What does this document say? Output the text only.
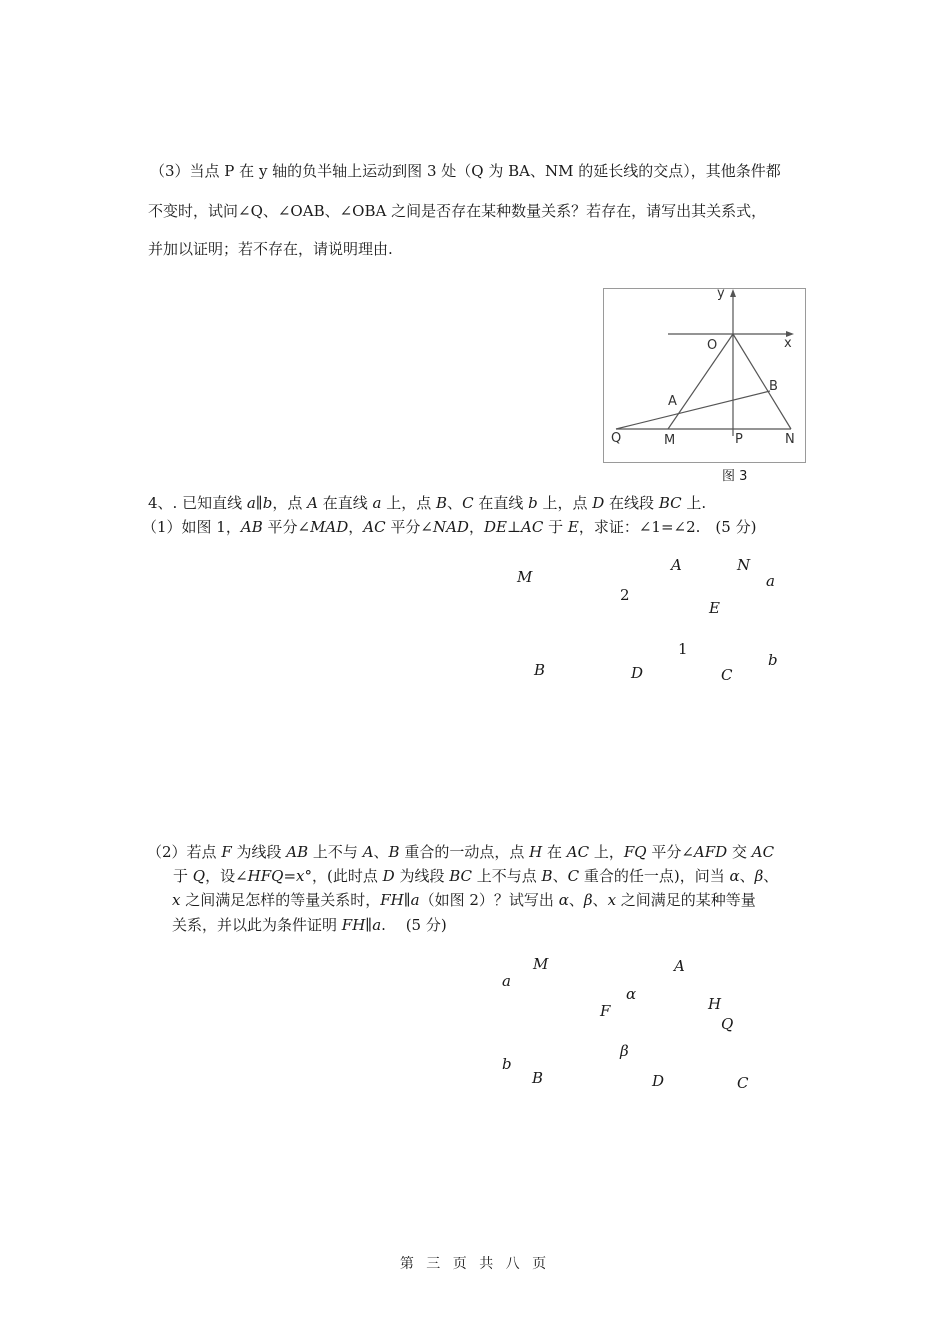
（3）当点 P 在 y 轴的负半轴上运动到图 3 处（Q 为 BA、NM 的延长线的交点），其他条件都
不变时，试问∠Q、∠OAB、∠OBA 之间是否存在某种数量关系？若存在，请写出其关系式，
并加以证明；若不存在，请说明理由.
y
x
O
B
A
Q	M	P	N
图 3
4、. 已知直线 a∥b，点 A 在直线 a 上，点 B、C 在直线 b 上，点 D 在线段 BC 上.
（1）如图 1，AB 平分∠MAD，AC 平分∠NAD，DE⊥AC 于 E，求证：∠1=∠2.　(5 分)
M
A	N
a
2
E
1
b
B	D	C
（2）若点 F 为线段 AB 上不与 A、B 重合的一动点，点 H 在 AC 上，FQ 平分∠AFD 交 AC
于 Q，设∠HFQ=x°，(此时点 D 为线段 BC 上不与点 B、C 重合的任一点)，问当 α、β、
x 之间满足怎样的等量关系时，FH∥a（如图 2）？试写出 α、β、x 之间满足的某种等量
关系，并以此为条件证明 FH∥a.　 (5 分)
M	A
a
α
H
F
Q
β
b
B	D	C
第 三 页 共 八 页
